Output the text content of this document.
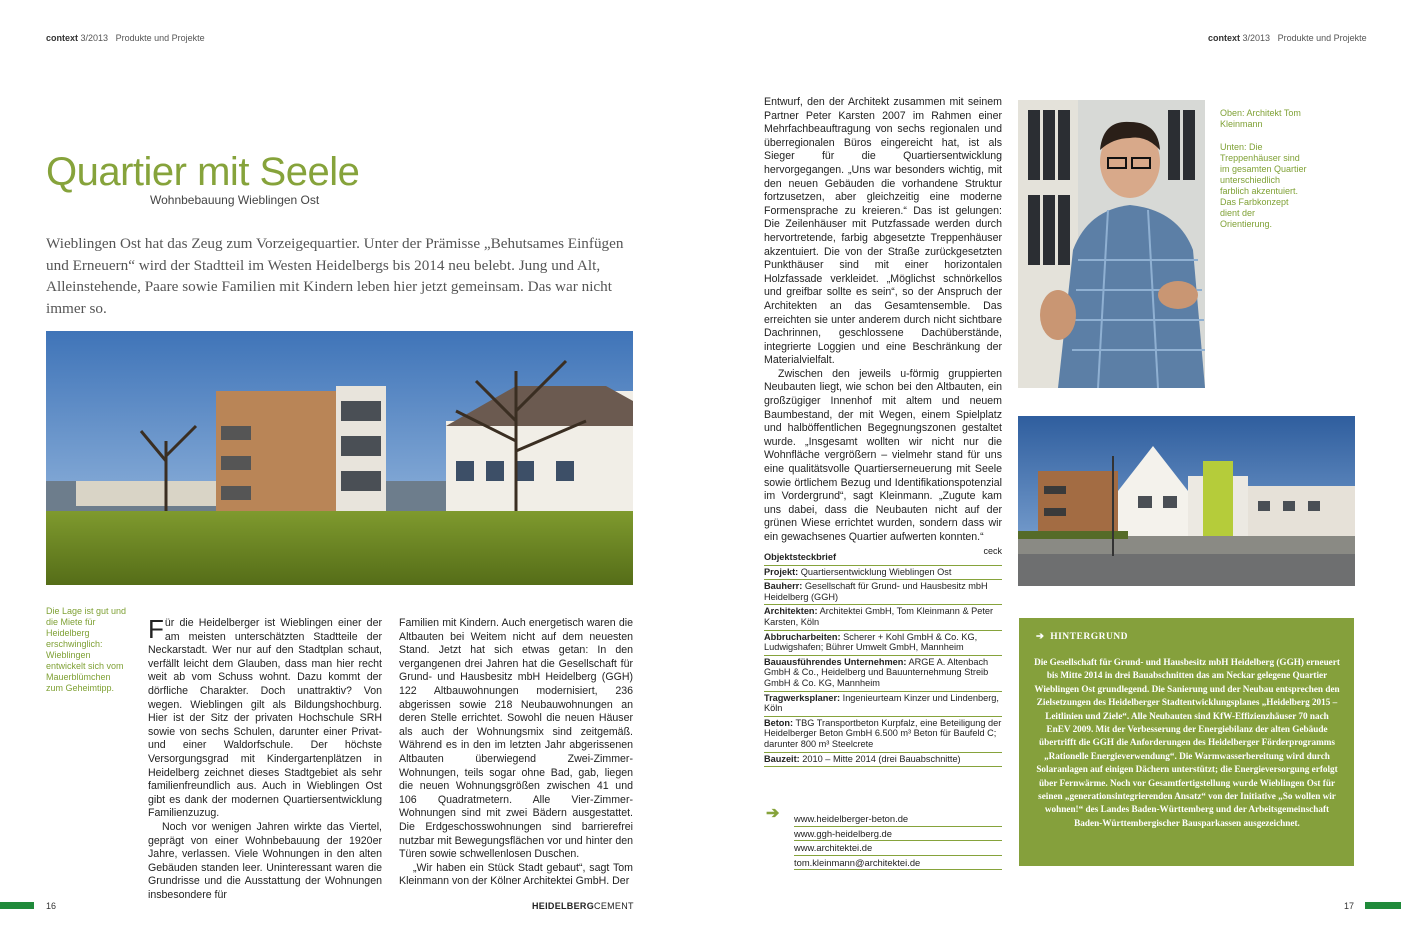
context 3/2013 Produkte und Projekte	context 3/2013 Produkte und Projekte
Quartier mit Seele
Wohnbebauung Wieblingen Ost
Wieblingen Ost hat das Zeug zum Vorzeigequartier. Unter der Prämisse „Behutsames Einfügen und Erneuern“ wird der Stadtteil im Westen Heidelbergs bis 2014 neu belebt. Jung und Alt, Alleinstehende, Paare sowie Familien mit Kindern leben hier jetzt gemeinsam. Das war nicht immer so.
Die Lage ist gut und die Miete für Heidelberg erschwinglich: Wieblingen entwickelt sich vom Mauerblümchen zum Geheimtipp.

Für die Heidelberger ist Wieblingen einer der am meisten unterschätzten Stadtteile der Neckarstadt. Wer nur auf den Stadtplan schaut, verfällt leicht dem Glauben, dass man hier recht weit ab vom Schuss wohnt. Dazu kommt der dörfliche Charakter. Doch unattraktiv? Von wegen. Wieblingen gilt als Bildungshochburg. Hier ist der Sitz der privaten Hochschule SRH sowie von sechs Schulen, darunter einer Privat- und einer Waldorfschule. Der höchste Versorgungsgrad mit Kindergartenplätzen in Heidelberg zeichnet dieses Stadtgebiet als sehr familienfreundlich aus. Auch in Wieblingen Ost gibt es dank der modernen Quartiersentwicklung Familienzuzug.

Noch vor wenigen Jahren wirkte das Viertel, geprägt von einer Wohnbebauung der 1920er Jahre, verlassen. Viele Wohnungen in den alten Gebäuden standen leer. Uninteressant waren die Grundrisse und die Ausstattung der Wohnungen insbesondere für

Familien mit Kindern. Auch energetisch waren die Altbauten bei Weitem nicht auf dem neuesten Stand. Jetzt hat sich etwas getan: In den vergangenen drei Jahren hat die Gesellschaft für Grund- und Hausbesitz mbH Heidelberg (GGH) 122 Altbauwohnungen modernisiert, 236 abgerissen sowie 218 Neubauwohnungen an deren Stelle errichtet. Sowohl die neuen Häuser als auch der Wohnungsmix sind zeitgemäß. Während es in den im letzten Jahr abgerissenen Altbauten überwiegend Zwei-Zimmer-Wohnungen, teils sogar ohne Bad, gab, liegen die neuen Wohnungsgrößen zwischen 41 und 106 Quadratmetern. Alle Vier-Zimmer-Wohnungen sind mit zwei Bädern ausgestattet. Die Erdgeschosswohnungen sind barrierefrei nutzbar mit Bewegungsflächen vor und hinter den Türen sowie schwellenlosen Duschen.

„Wir haben ein Stück Stadt gebaut“, sagt Tom Kleinmann von der Kölner Architektei GmbH. Der

Entwurf, den der Architekt zusammen mit seinem Partner Peter Karsten 2007 im Rahmen einer Mehrfachbeauftragung von sechs regionalen und überregionalen Büros eingereicht hat, ist als Sieger für die Quartiersentwicklung hervorgegangen. „Uns war besonders wichtig, mit den neuen Gebäuden die vorhandene Struktur fortzusetzen, aber gleichzeitig eine moderne Formensprache zu kreieren.“ Das ist gelungen: Die Zeilenhäuser mit Putzfassade werden durch hervortretende, farbig abgesetzte Treppenhäuser akzentuiert. Die von der Straße zurückgesetzten Punkthäuser sind mit einer horizontalen Holzfassade verkleidet. „Möglichst schnörkellos und greifbar sollte es sein“, so der Anspruch der Architekten an das Gesamtensemble. Das erreichten sie unter anderem durch nicht sichtbare Dachrinnen, geschlossene Dachüberstände, integrierte Loggien und eine Beschränkung der Materialvielfalt.

Zwischen den jeweils u-förmig gruppierten Neubauten liegt, wie schon bei den Altbauten, ein großzügiger Innenhof mit altem und neuem Baumbestand, der mit Wegen, einem Spielplatz und halböffentlichen Begegnungszonen gestaltet wurde. „Insgesamt wollten wir nicht nur die Wohnfläche vergrößern – vielmehr stand für uns eine qualitätsvolle Quartierserneuerung mit Seele sowie örtlichem Bezug und Identifikationspotenzial im Vordergrund“, sagt Kleinmann. „Zugute kam uns dabei, dass die Neubauten nicht auf der grünen Wiese errichtet wurden, sondern dass wir ein gewachsenes Quartier aufwerten konnten.“

ceck

Oben: Architekt Tom Kleinmann
Unten: Die Treppenhäuser sind im gesamten Quartier unterschiedlich farblich akzentuiert. Das Farbkonzept dient der Orientierung.
Objektsteckbrief
Projekt: Quartiersentwicklung Wieblingen Ost
Bauherr: Gesellschaft für Grund- und Hausbesitz mbH Heidelberg (GGH)
Architekten: Architektei GmbH, Tom Kleinmann & Peter Karsten, Köln
Abbrucharbeiten: Scherer + Kohl GmbH & Co. KG, Ludwigshafen; Bührer Umwelt GmbH, Mannheim
Bauausführendes Unternehmen: ARGE A. Altenbach GmbH & Co., Heidelberg und Bauunternehmung Streib GmbH & Co. KG, Mannheim
Tragwerksplaner: Ingenieurteam Kinzer und Lindenberg, Köln
Beton: TBG Transportbeton Kurpfalz, eine Beteiligung der Heidelberger Beton GmbH 6.500 m³ Beton für Baufeld C; darunter 800 m³ Steelcrete
Bauzeit: 2010 – Mitte 2014 (drei Bauabschnitte)
➔ www.heidelberger-beton.de
www.ggh-heidelberg.de
www.architektei.de
tom.kleinmann@architektei.de
➔ HINTERGRUND
Die Gesellschaft für Grund- und Hausbesitz mbH Heidelberg (GGH) erneuert bis Mitte 2014 in drei Bauabschnitten das am Neckar gelegene Quartier Wieblingen Ost grundlegend. Die Sanierung und der Neubau entsprechen den Zielsetzungen des Heidelberger Stadtentwicklungsplanes „Heidelberg 2015 – Leitlinien und Ziele“. Alle Neubauten sind KfW-Effizienzhäuser 70 nach EnEV 2009. Mit der Verbesserung der Energiebilanz der alten Gebäude übertrifft die GGH die Anforderungen des Heidelberger Förderprogramms „Rationelle Energieverwendung“. Die Warmwasserbereitung wird durch Solaranlagen auf einigen Dächern unterstützt; die Energieversorgung erfolgt über Fernwärme. Noch vor Gesamtfertigstellung wurde Wieblingen Ost für seinen „generationsintegrierenden Ansatz“ von der Initiative „So wollen wir wohnen!“ des Landes Baden-Württemberg und der Arbeitsgemeinschaft Baden-Württembergischer Bausparkassen ausgezeichnet.
16	HEIDELBERGCEMENT	17
